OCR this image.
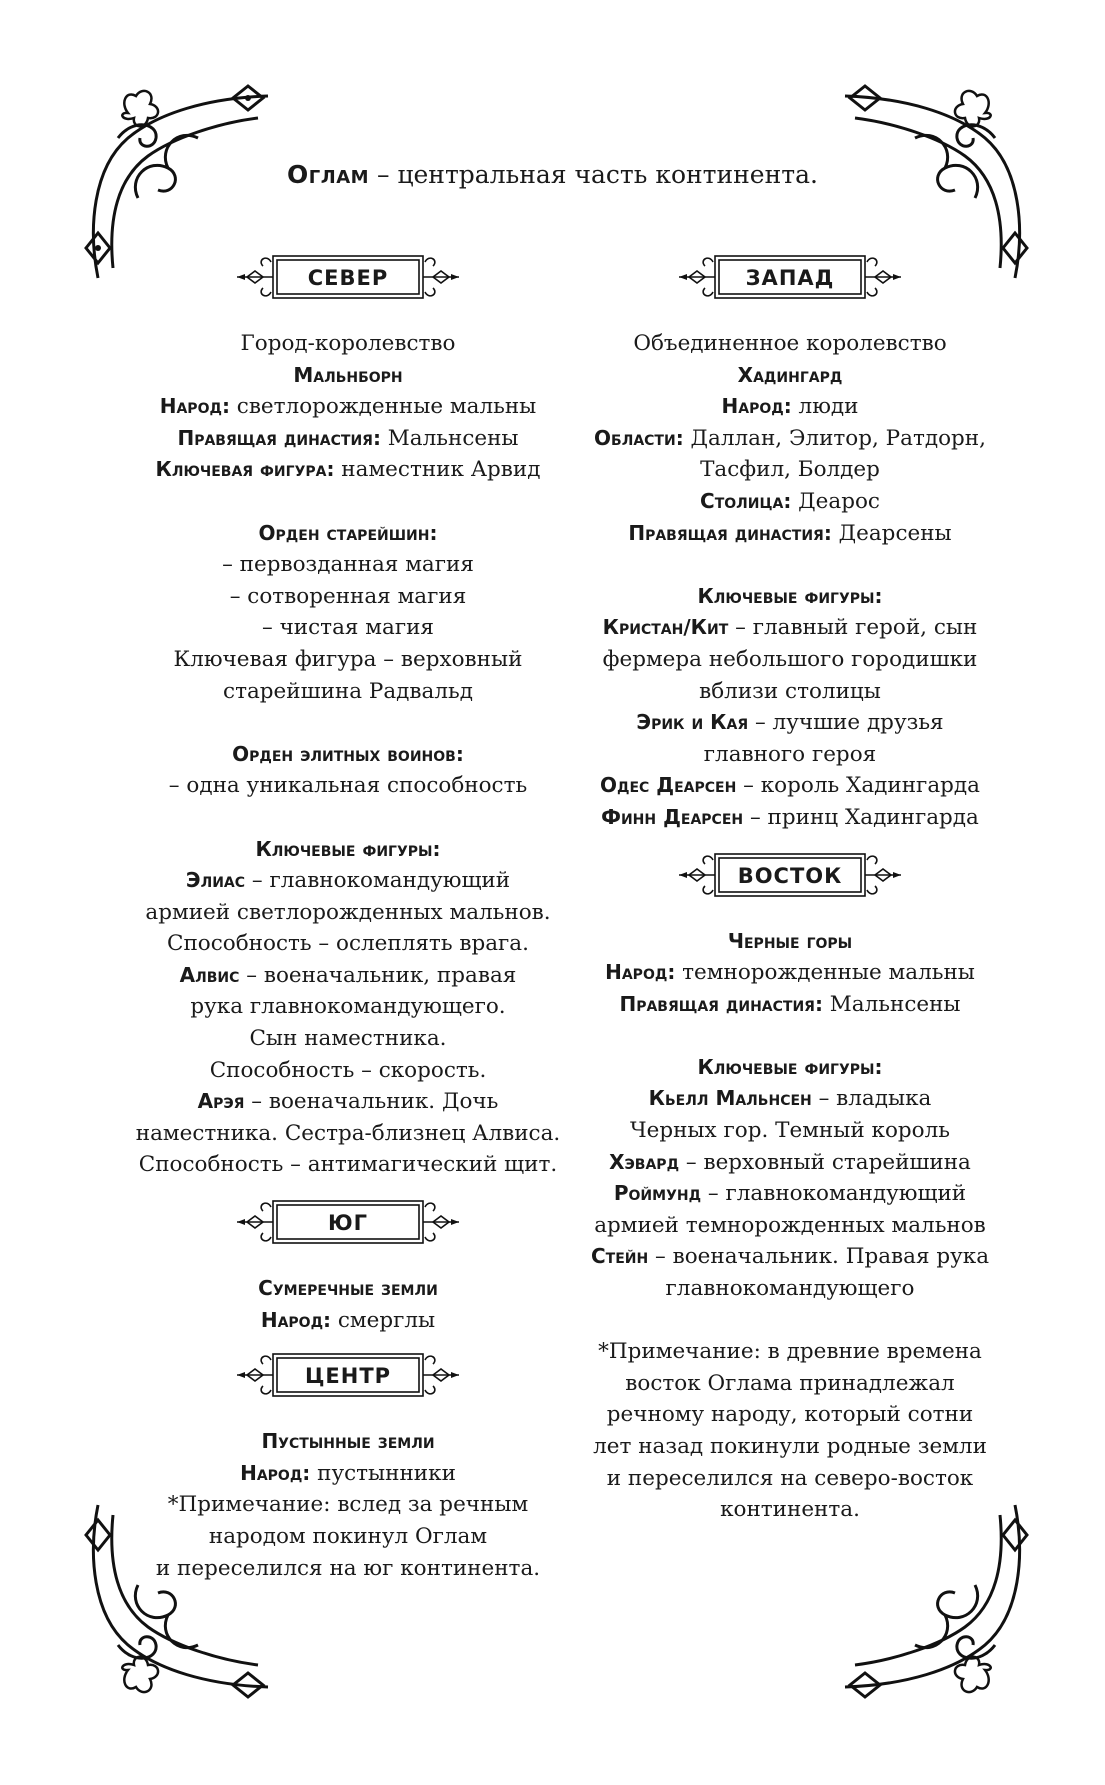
Оглам – центральная часть континента.
СЕВЕР

Город-королевство

Мальнборн

Народ: светлорожденные мальны

Правящая династия: Мальнсены

Ключевая фигура: наместник Арвид

Орден старейшин:

– первозданная магия

– сотворенная магия

– чистая магия

Ключевая фигура – верховный

старейшина Радвальд

Орден элитных воинов:

– одна уникальная способность

Ключевые фигуры:

Элиас – главнокомандующий

армией светлорожденных мальнов.

Способность – ослеплять врага.

Алвис – военачальник, правая

рука главнокомандующего.

Сын наместника.

Способность – скорость.

Арэя – военачальник. Дочь

наместника. Сестра-близнец Алвиса.

Способность – антимагический щит.

ЮГ

Сумеречные земли

Народ: смерглы

ЦЕНТР

Пустынные земли

Народ: пустынники

*Примечание: вслед за речным

народом покинул Оглам

и переселился на юг континента.

ЗАПАД

Объединенное королевство

Хадингард

Народ: люди

Области: Даллан, Элитор, Ратдорн,

Тасфил, Болдер

Столица: Деарос

Правящая династия: Деарсены

Ключевые фигуры:

Кристан/Кит – главный герой, сын

фермера небольшого городишки

вблизи столицы

Эрик и Кая – лучшие друзья

главного героя

Одес Деарсен – король Хадингарда

Финн Деарсен – принц Хадингарда

ВОСТОК

Черные горы

Народ: темнорожденные мальны

Правящая династия: Мальнсены

Ключевые фигуры:

Кьелл Мальнсен – владыка

Черных гор. Темный король

Хэвард – верховный старейшина

Роймунд – главнокомандующий

армией темнорожденных мальнов

Стейн – военачальник. Правая рука

главнокомандующего

*Примечание: в древние времена

восток Оглама принадлежал

речному народу, который сотни

лет назад покинули родные земли

и переселился на северо-восток

континента.
